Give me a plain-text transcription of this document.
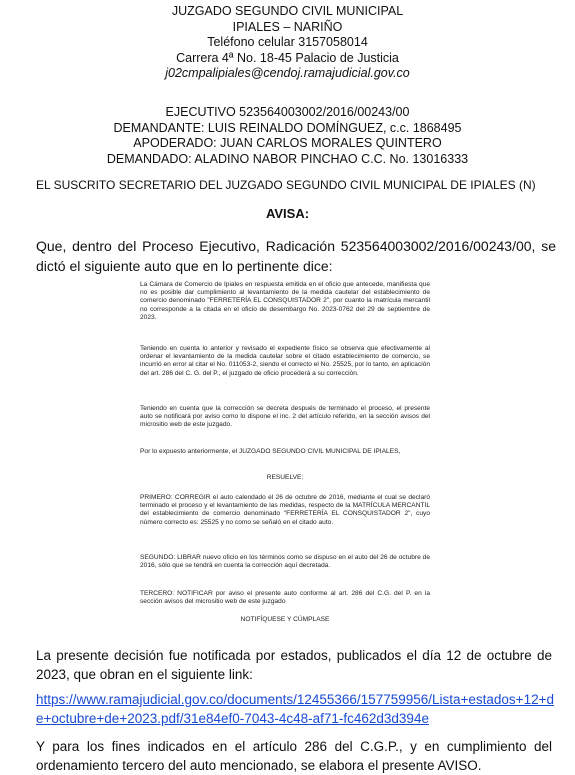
JUZGADO SEGUNDO CIVIL MUNICIPAL
IPIALES – NARIÑO
Teléfono celular 3157058014
Carrera 4ª No. 18-45 Palacio de Justicia
j02cmpalipiales@cendoj.ramajudicial.gov.co
EJECUTIVO 523564003002/2016/00243/00
DEMANDANTE: LUIS REINALDO DOMÍNGUEZ, c.c. 1868495
APODERADO: JUAN CARLOS MORALES QUINTERO
DEMANDADO: ALADINO NABOR PINCHAO C.C. No. 13016333
EL SUSCRITO SECRETARIO DEL JUZGADO SEGUNDO CIVIL MUNICIPAL DE IPIALES (N)
AVISA:
Que, dentro del Proceso Ejecutivo, Radicación 523564003002/2016/00243/00, se dictó el siguiente auto que en lo pertinente dice:

La Cámara de Comercio de Ipiales en respuesta emitida en el oficio que antecede, manifiesta que no es posible dar cumplimiento al levantamiento de la medida cautelar del establecimiento de comercio denominado "FERRETERÍA EL CONSQUISTADOR 2", por cuanto la matrícula mercantil no corresponde a la citada en el oficio de desembargo No. 2023-0762 del 29 de septiembre de 2023.

Teniendo en cuenta lo anterior y revisado el expediente físico se observa que efectivamente al ordenar el levantamiento de la medida cautelar sobre el citado establecimiento de comercio, se incurrió en error al citar el No. 011053-2, siendo el correcto el No. 25525, por lo tanto, en aplicación del art. 286 del C. G. del P., el juzgado de oficio procederá a su corrección.

Teniendo en cuenta que la corrección se decreta después de terminado el proceso, el presente auto se notificará por aviso como lo dispone el inc. 2 del artículo referido, en la sección avisos del micrositio web de este juzgado.

Por lo expuesto anteriormente, el JUZGADO SEGUNDO CIVIL MUNICIPAL DE IPIALES,

RESUELVE:

PRIMERO: CORREGIR el auto calendado el 26 de octubre de 2016, mediante el cual se declaró terminado el proceso y el levantamiento de las medidas, respecto de la MATRÍCULA MERCANTIL del establecimiento de comercio denominado "FERRETERÍA EL CONSQUISTADOR 2", cuyo número correcto es: 25525 y no como se señaló en el citado auto.

SEGUNDO: LIBRAR nuevo oficio en los términos como se dispuso en el auto del 26 de octubre de 2016, sólo que se tendrá en cuenta la corrección aquí decretada.

TERCERO: NOTIFICAR por aviso el presente auto conforme al art. 286 del C.G. del P. en la sección avisos del micrositio web de este juzgado

NOTIFÍQUESE Y CÚMPLASE

La presente decisión fue notificada por estados, publicados el día 12 de octubre de 2023, que obran en el siguiente link:
https://www.ramajudicial.gov.co/documents/12455366/157759956/Lista+estados+12+de+octubre+de+2023.pdf/31e84ef0-7043-4c48-af71-fc462d3d394e
Y para los fines indicados en el artículo 286 del C.G.P., y en cumplimiento del ordenamiento tercero del auto mencionado, se elabora el presente AVISO.
